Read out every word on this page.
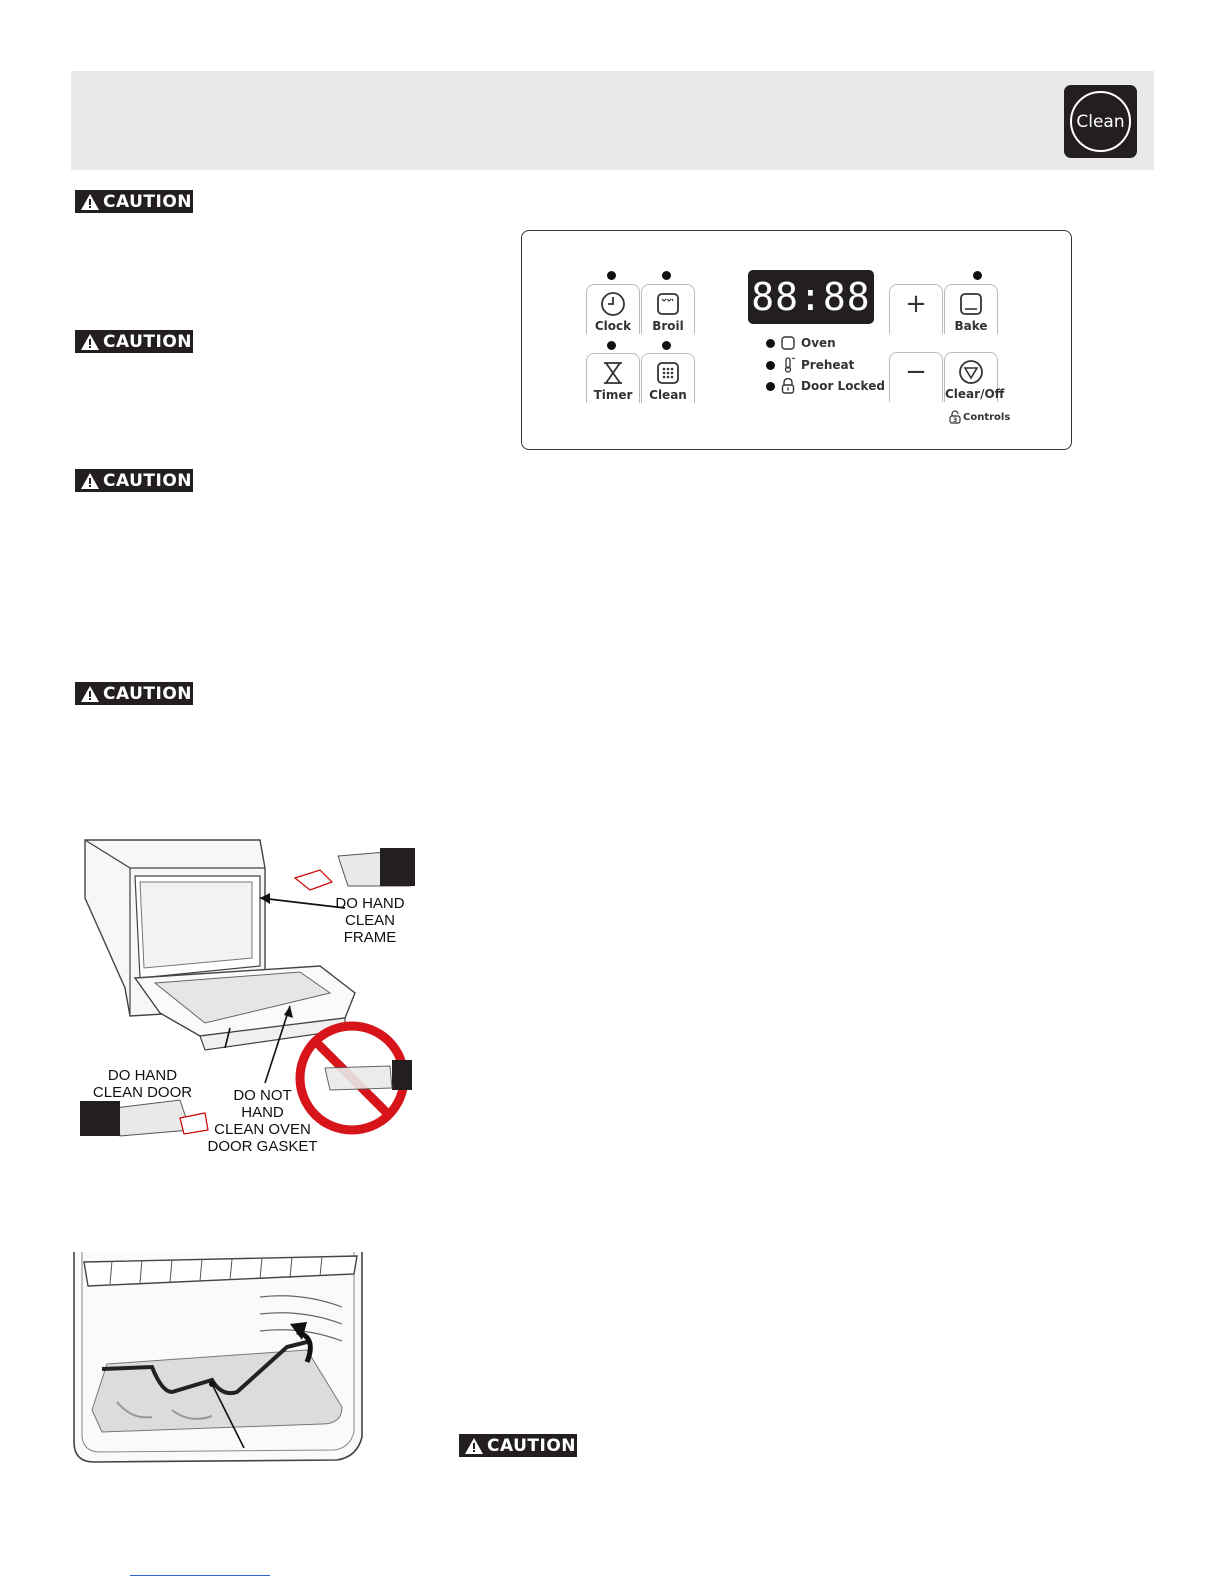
Clean
CAUTION
CAUTION
CAUTION
CAUTION
CAUTION
Clock	Broil
Timer	Clean
88:88
Oven
Preheat
Door Locked
+
Bake
−
Clear/Off
3 Controls
DO HAND
CLEAN FRAME
DO HAND
CLEAN DOOR	DO NOT
HAND
CLEAN OVEN
DOOR GASKET
